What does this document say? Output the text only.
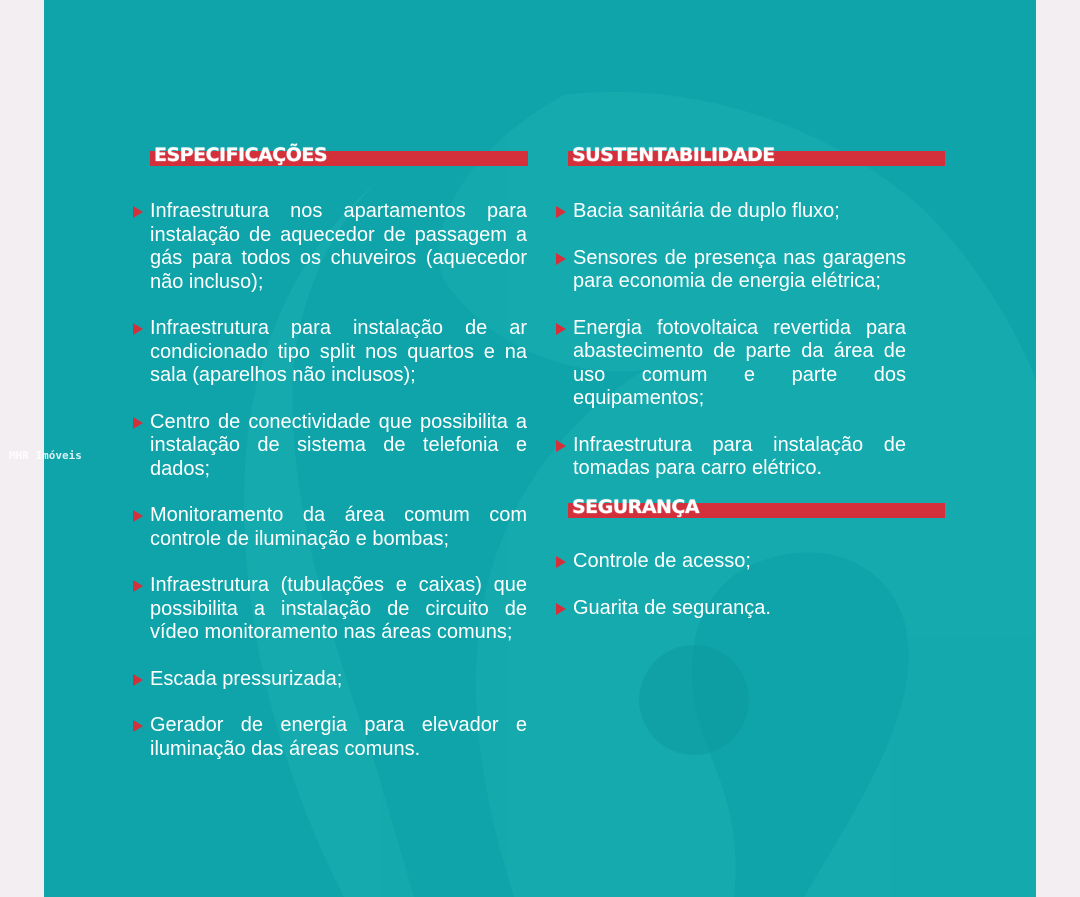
ESPECIFICAÇÕES
Infraestrutura nos apartamentos para instalação de aquecedor de passagem a gás para todos os chuveiros (aquecedor não incluso);
Infraestrutura para instalação de ar condicionado tipo split nos quartos e na sala (aparelhos não inclusos);
Centro de conectividade que possibilita a instalação de sistema de telefonia e dados;
Monitoramento da área comum com controle de iluminação e bombas;
Infraestrutura (tubulações e caixas) que possibilita a instalação de circuito de vídeo monitoramento nas áreas comuns;
Escada pressurizada;
Gerador de energia para elevador e iluminação das áreas comuns.
SUSTENTABILIDADE
Bacia sanitária de duplo fluxo;
Sensores de presença nas garagens para economia de energia elétrica;
Energia fotovoltaica revertida para abastecimento de parte da área de uso comum e parte dos equipamentos;
Infraestrutura para instalação de tomadas para carro elétrico.
SEGURANÇA
Controle de acesso;
Guarita de segurança.
MHR Imóveis
